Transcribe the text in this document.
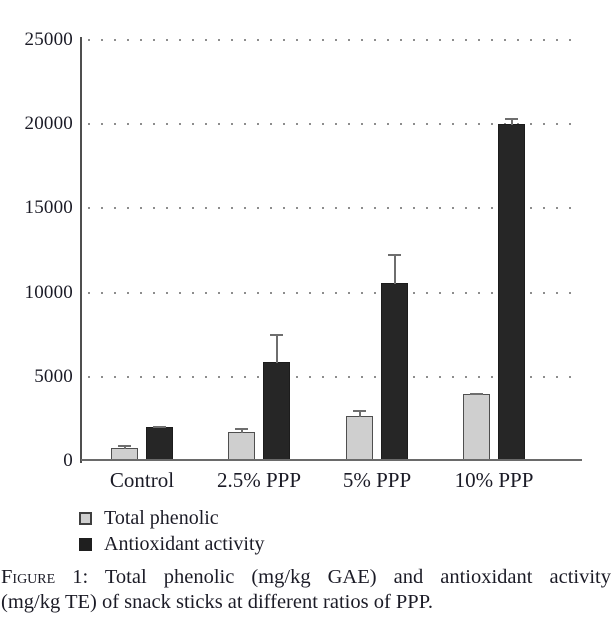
Total phenolic
Antioxidant activity
Figure 1: Total phenolic (mg/kg GAE) and antioxidant activity
(mg/kg TE) of snack sticks at different ratios of PPP.
0
5000
10000
15000
20000
25000
Control 2.5% PPP 5% PPP 10% PPP
